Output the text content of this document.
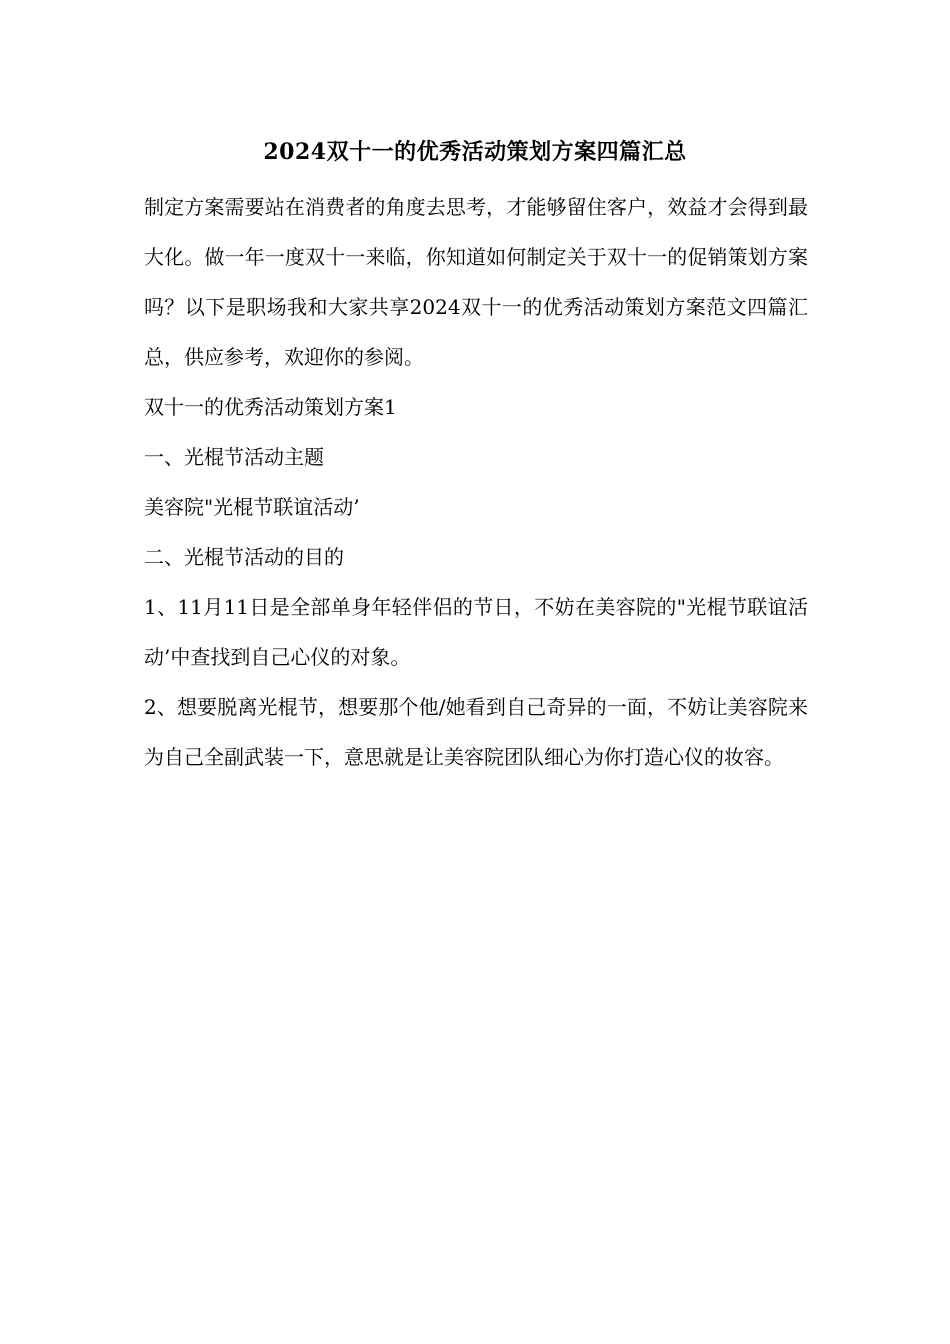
2024双十一的优秀活动策划方案四篇汇总

制定方案需要站在消费者的角度去思考，才能够留住客户，效益才会得到最大化。做一年一度双十一来临，你知道如何制定关于双十一的促销策划方案吗？以下是职场我和大家共享2024双十一的优秀活动策划方案范文四篇汇总，供应参考，欢迎你的参阅。

双十一的优秀活动策划方案1

一、光棍节活动主题

美容院"光棍节联谊活动’

二、光棍节活动的目的

1、11月11日是全部单身年轻伴侣的节日，不妨在美容院的"光棍节联谊活动’中查找到自己心仪的对象。

2、想要脱离光棍节，想要那个他/她看到自己奇异的一面，不妨让美容院来为自己全副武装一下，意思就是让美容院团队细心为你打造心仪的妆容。
